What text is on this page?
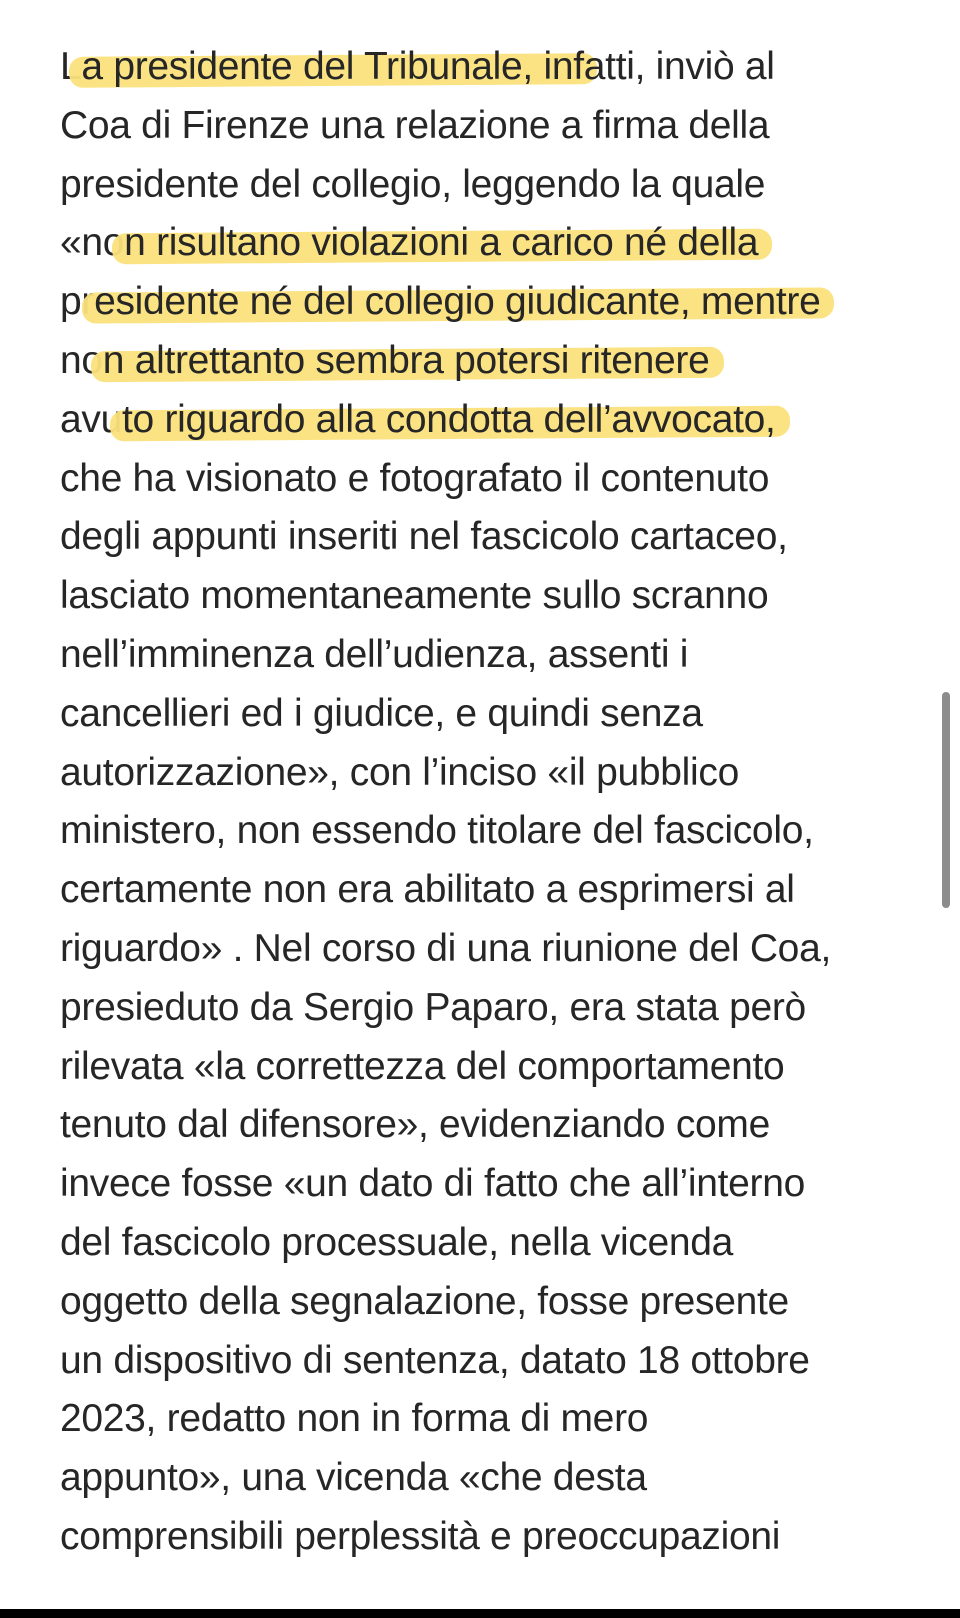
La presidente del Tribunale, infatti, inviò al
Coa di Firenze una relazione a firma della
presidente del collegio, leggendo la quale
«non risultano violazioni a carico né della
presidente né del collegio giudicante, mentre
non altrettanto sembra potersi ritenere
avuto riguardo alla condotta dell’avvocato,
che ha visionato e fotografato il contenuto
degli appunti inseriti nel fascicolo cartaceo,
lasciato momentaneamente sullo scranno
nell’imminenza dell’udienza, assenti i
cancellieri ed i giudice, e quindi senza
autorizzazione», con l’inciso «il pubblico
ministero, non essendo titolare del fascicolo,
certamente non era abilitato a esprimersi al
riguardo» . Nel corso di una riunione del Coa,
presieduto da Sergio Paparo, era stata però
rilevata «la correttezza del comportamento
tenuto dal difensore», evidenziando come
invece fosse «un dato di fatto che all’interno
del fascicolo processuale, nella vicenda
oggetto della segnalazione, fosse presente
un dispositivo di sentenza, datato 18 ottobre
2023, redatto non in forma di mero
appunto», una vicenda «che desta
comprensibili perplessità e preoccupazioni
